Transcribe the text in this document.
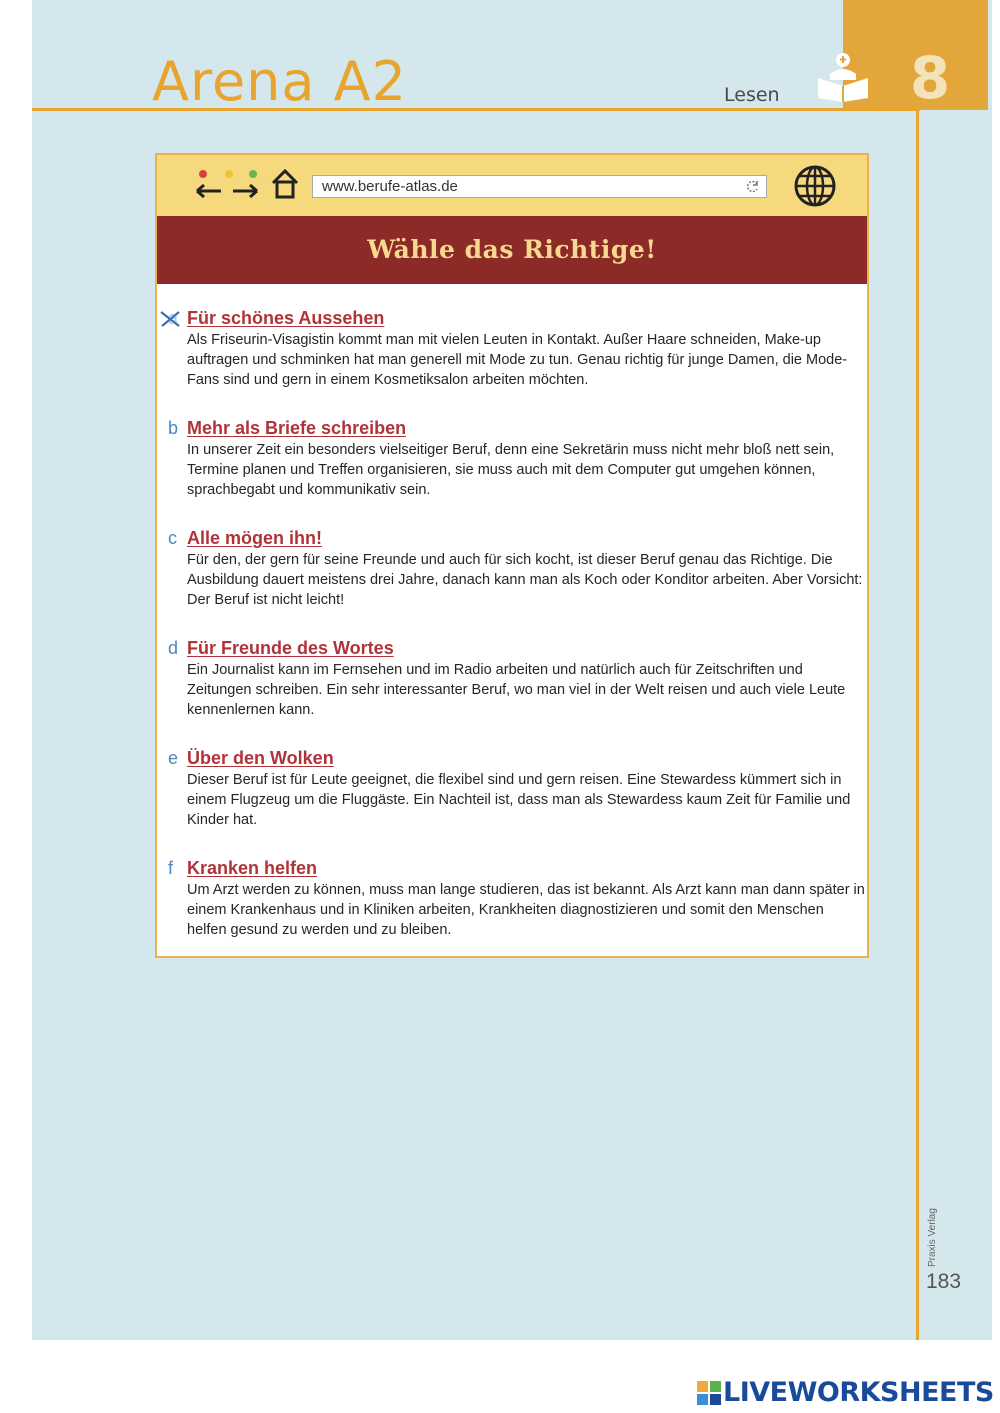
Arena A2	Lesen 8
www.berufe-atlas.de
Wähle das Richtige!
a Für schönes Aussehen
Als Friseurin-Visagistin kommt man mit vielen Leuten in Kontakt. Außer Haare schneiden, Make-up auftragen und schminken hat man generell mit Mode zu tun. Genau richtig für junge Damen, die Mode-Fans sind und gern in einem Kosmetiksalon arbeiten möchten.
b Mehr als Briefe schreiben
In unserer Zeit ein besonders vielseitiger Beruf, denn eine Sekretärin muss nicht mehr bloß nett sein, Termine planen und Treffen organisieren, sie muss auch mit dem Computer gut umgehen können, sprachbegabt und kommunikativ sein.
c Alle mögen ihn!
Für den, der gern für seine Freunde und auch für sich kocht, ist dieser Beruf genau das Richtige. Die Ausbildung dauert meistens drei Jahre, danach kann man als Koch oder Konditor arbeiten. Aber Vorsicht: Der Beruf ist nicht leicht!
d Für Freunde des Wortes
Ein Journalist kann im Fernsehen und im Radio arbeiten und natürlich auch für Zeitschriften und Zeitungen schreiben. Ein sehr interessanter Beruf, wo man viel in der Welt reisen und auch viele Leute kennenlernen kann.
e Über den Wolken
Dieser Beruf ist für Leute geeignet, die flexibel sind und gern reisen. Eine Stewardess kümmert sich in einem Flugzeug um die Fluggäste. Ein Nachteil ist, dass man als Stewardess kaum Zeit für Familie und Kinder hat.
f Kranken helfen
Um Arzt werden zu können, muss man lange studieren, das ist bekannt. Als Arzt kann man dann später in einem Krankenhaus und in Kliniken arbeiten, Krankheiten diagnostizieren und somit den Menschen helfen gesund zu werden und zu bleiben.
Praxis Verlag
183
LIVEWORKSHEETS
